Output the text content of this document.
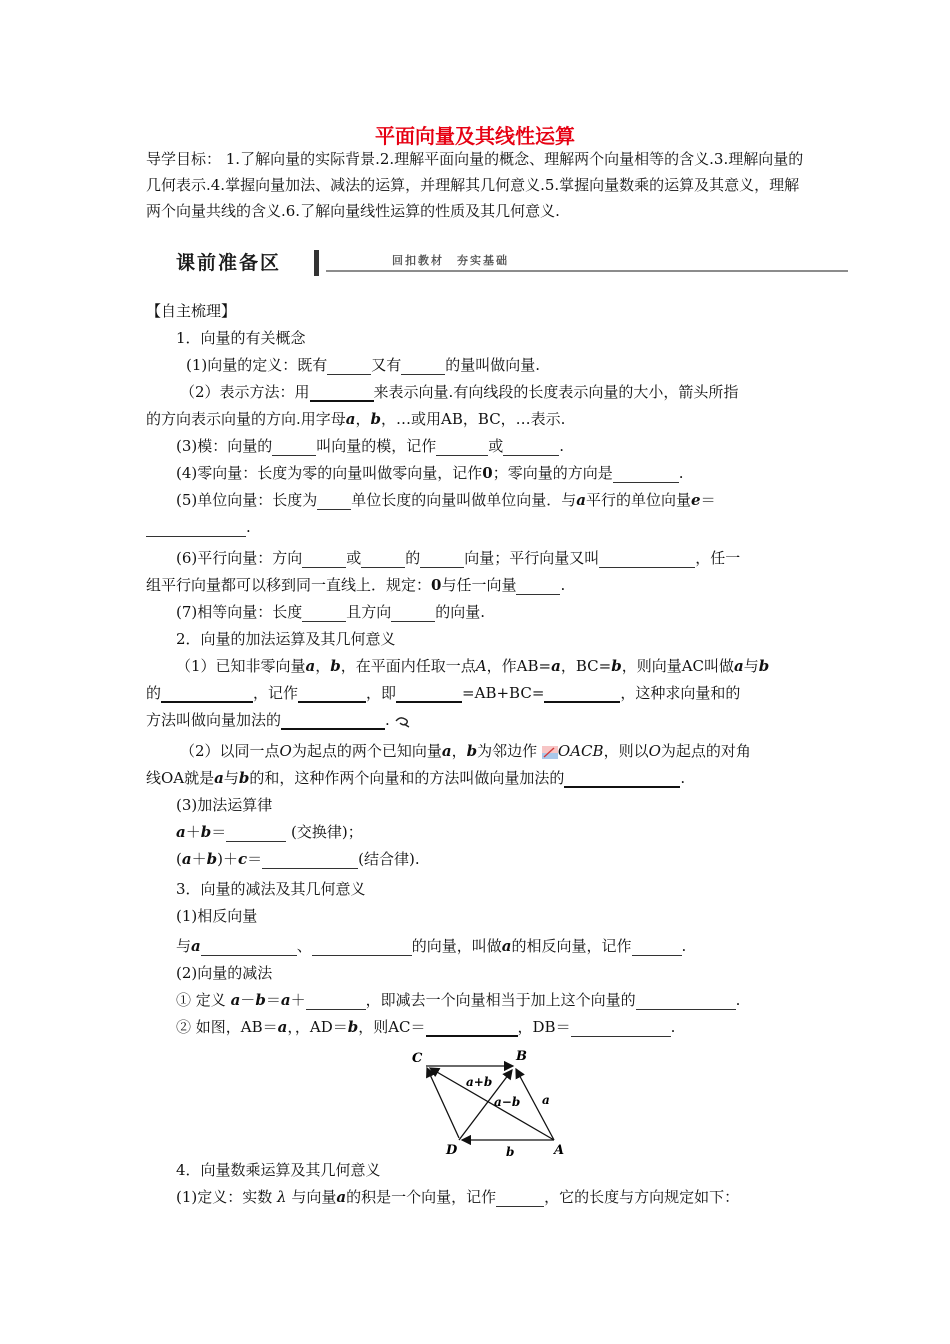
平面向量及其线性运算
导学目标： 1.了解向量的实际背景.2.理解平面向量的概念、理解两个向量相等的含义.3.理解向量的几何表示.4.掌握向量加法、减法的运算，并理解其几何意义.5.掌握向量数乘的运算及其意义，理解两个向量共线的含义.6.了解向量线性运算的性质及其几何意义.
课前准备区	回扣教材　夯实基础
【自主梳理】
1．向量的有关概念
(1)向量的定义：既有	又有	的量叫做向量.
（2）表示方法：用	来表示向量.有向线段的长度表示向量的大小，箭头所指
的方向表示向量的方向.用字母a，b，…或用AB，BC，…表示.
(3)模：向量的	叫向量的模，记作	或	.
(4)零向量：长度为零的向量叫做零向量，记作0；零向量的方向是	.
(5)单位向量：长度为 单位长度的向量叫做单位向量．与a平行的单位向量e＝
.
(6)平行向量：方向	或	的	向量；平行向量又叫	，任一
组平行向量都可以移到同一直线上．规定：0与任一向量	.
(7)相等向量：长度	且方向	的向量.
2．向量的加法运算及其几何意义
（1）已知非零向量a，b，在平面内任取一点A，作AB=a，BC=b，则向量AC叫做a与b
的	，记作	，即	=AB+BC=	，这种求向量和的
方法叫做向量加法的	.
（2）以同一点O为起点的两个已知向量a，b为邻边作 OACB，则以O为起点的对角
线OA就是a与b的和，这种作两个向量和的方法叫做向量加法的	.
(3)加法运算律
a＋b＝	(交换律)；
(a＋b)＋c＝	(结合律).
3．向量的减法及其几何意义
(1)相反向量
与a	、	的向量，叫做a的相反向量，记作	.
(2)向量的减法
① 定义 a－b＝a＋	，即减去一个向量相当于加上这个向量的	.
② 如图，AB＝a，，AD＝b，则AC＝	，DB＝	.
C	B
D	A
a+b
a−b a
b
4．向量数乘运算及其几何意义
(1)定义：实数 λ 与向量a的积是一个向量，记作	，它的长度与方向规定如下：
